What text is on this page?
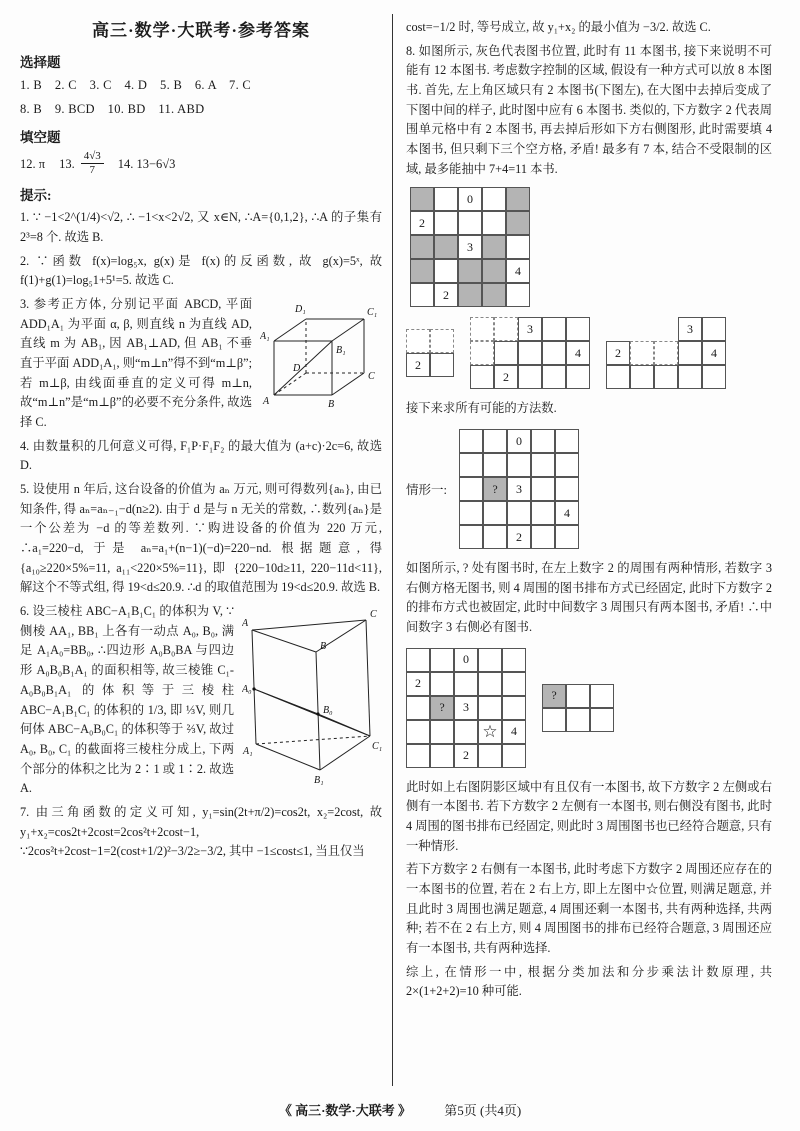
高三·数学·大联考·参考答案
选择题

1. B　2. C　3. C　4. D　5. B　6. A　7. C

8. B　9. BCD　10. BD　11. ABD

填空题

12. π 13. $\frac{4√3}{7} 14$. 13−6√3

提示:

1. ∵ −1<2^(1/4)<√2, ∴ −1<x<2√2, 又 x∈N, ∴A={0,1,2}, ∴A 的子集有 2³=8 个. 故选 B.

2. ∵函数 f(x)=log₅x, g(x)是 f(x)的反函数, 故 g(x)=5ˣ, 故 f(1)+g(1)=log₅1+5¹=5. 故选 C.

A	B
C
D
A₁
B₁
C₁
D₁

3. 参考正方体, 分别记平面 ABCD, 平面 ADD₁A₁ 为平面 α, β, 则直线 n 为直线 AD, 直线 m 为 AB₁, 因 AB₁⊥AD, 但 AB₁ 不垂直于平面 ADD₁A₁, 则“m⊥n”得不到“m⊥β”; 若 m⊥β, 由线面垂直的定义可得 m⊥n, 故“m⊥n”是“m⊥β”的必要不充分条件, 故选择 C.

4. 由数量积的几何意义可得, F₁P·F₁F₂ 的最大值为 (a+c)·2c=6, 故选 D.

5. 设使用 n 年后, 这台设备的价值为 aₙ 万元, 则可得数列{aₙ}, 由已知条件, 得 aₙ=aₙ₋₁−d(n≥2). 由于 d 是与 n 无关的常数, ∴数列{aₙ}是一个公差为 −d 的等差数列. ∵购进设备的价值为 220 万元, ∴a₁=220−d, 于是 aₙ=a₁+(n−1)(−d)=220−nd. 根据题意, 得 {a₁₀≥220×5%=11, a₁₁<220×5%=11}, 即 {220−10d≥11, 220−11d<11}, 解这个不等式组, 得 19<d≤20.9. ∴d 的取值范围为 19<d≤20.9. 故选 B.

A
B
C
A₀
B₀
A₁
B₁
C₁

6. 设三棱柱 ABC−A₁B₁C₁ 的体积为 V, ∵侧棱 AA₁, BB₁ 上各有一动点 A₀, B₀, 满足 A₁A₀=BB₀, ∴四边形 A₀B₀BA 与四边形 A₀B₀B₁A₁ 的面积相等, 故三棱锥 C₁-A₀B₀B₁A₁ 的体积等于三棱柱 ABC−A₁B₁C₁ 的体积的 1/3, 即 ⅓V, 则几何体 ABC−A₀B₀C₁ 的体积等于 ⅔V, 故过 A₀, B₀, C₁ 的截面将三棱柱分成上, 下两个部分的体积之比为 2∶1 或 1∶2. 故选 A.

7. 由三角函数的定义可知, y₁=sin(2t+π/2)=cos2t, x₂=2cost, 故 y₁+x₂=cos2t+2cost=2cos²t+2cost−1, ∵2cos²t+2cost−1=2(cost+1/2)²−3/2≥−3/2, 其中 −1≤cost≤1, 当且仅当

cost=−1/2 时, 等号成立, 故 y₁+x₂ 的最小值为 −3/2. 故选 C.

8. 如图所示, 灰色代表图书位置, 此时有 11 本图书, 接下来说明不可能有 12 本图书. 考虑数字控制的区域, 假设有一种方式可以放 8 本图书. 首先, 左上角区域只有 2 本图书(下图左), 在大图中去掉后变成了下图中间的样子, 此时图中应有 6 本图书. 类似的, 下方数字 2 代表周围单元格中有 2 本图书, 再去掉后形如下方右侧图形, 此时需要填 4 本图书, 但只剩下三个空方格, 矛盾! 最多有 7 本, 结合不受限制的区域, 最多能抽中 7+4=11 本书.

0
2
3
4
2
2
3
4
2
3
2	4

接下来求所有可能的方法数.

情形一:
0
?	3
4
2

如图所示, ? 处有图书时, 在左上数字 2 的周围有两种情形, 若数字 3 右侧方格无图书, 则 4 周围的图书排布方式已经固定, 此时下方数字 2 的排布方式也被固定, 此时中间数字 3 周围只有两本图书, 矛盾! ∴中间数字 3 右侧必有图书.

0
2
?	3
☆	4
2
?

此时如上右图阴影区域中有且仅有一本图书, 故下方数字 2 左侧或右侧有一本图书. 若下方数字 2 左侧有一本图书, 则右侧没有图书, 此时 4 周围的图书排布已经固定, 则此时 3 周围图书也已经符合题意, 只有一种情形.

若下方数字 2 右侧有一本图书, 此时考虑下方数字 2 周围还应存在的一本图书的位置, 若在 2 右上方, 即上左图中☆位置, 则满足题意, 并且此时 3 周围也满足题意, 4 周围还剩一本图书, 共有两种选择, 共两种; 若不在 2 右上方, 则 4 周围图书的排布已经符合题意, 3 周围还应有一本图书, 共有两种选择.

综上, 在情形一中, 根据分类加法和分步乘法计数原理, 共 2×(1+2+2)=10 种可能.

《 高三·数学·大联考 》	第5页 (共4页)
